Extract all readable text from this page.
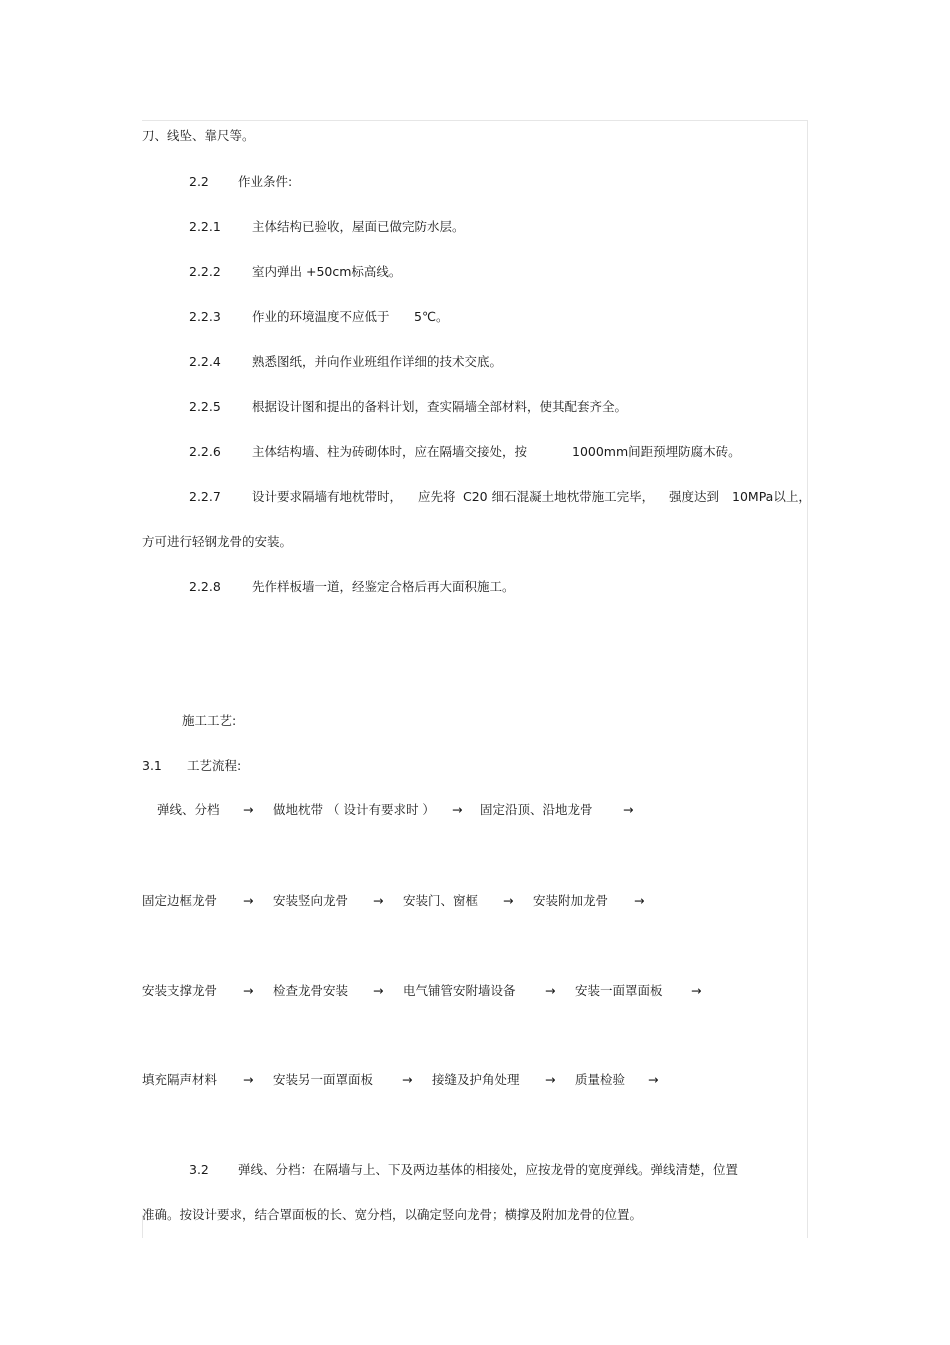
刀、线坠、靠尺等。
2.2 作业条件:
2.2.1 主体结构已验收，屋面已做完防水层。
2.2.2 室内弹出 +50cm标高线。
2.2.3 作业的环境温度不应低于 5℃。
2.2.4 熟悉图纸，并向作业班组作详细的技术交底。
2.2.5 根据设计图和提出的备料计划，查实隔墙全部材料，使其配套齐全。
2.2.6 主体结构墙、柱为砖砌体时，应在隔墙交接处，按	1000mm间距预埋防腐木砖。
2.2.7 设计要求隔墙有地枕带时， 应先将 C20 细石混凝土地枕带施工完毕， 强度达到 10MPa以上，
方可进行轻钢龙骨的安装。
2.2.8 先作样板墙一道，经鉴定合格后再大面积施工。
施工工艺:
3.1 工艺流程:
弹线、分档 → 做地枕带 （ 设计有要求时 ） → 固定沿顶、沿地龙骨 →
固定边框龙骨 → 安装竖向龙骨 → 安装门、窗框 → 安装附加龙骨 →
安装支撑龙骨 → 检查龙骨安装 → 电气铺管安附墙设备 → 安装一面罩面板 →
填充隔声材料 → 安装另一面罩面板 → 接缝及护角处理 → 质量检验 →
3.2 弹线、分档：在隔墙与上、下及两边基体的相接处，应按龙骨的宽度弹线。弹线清楚，位置
准确。按设计要求，结合罩面板的长、宽分档，以确定竖向龙骨；横撑及附加龙骨的位置。
